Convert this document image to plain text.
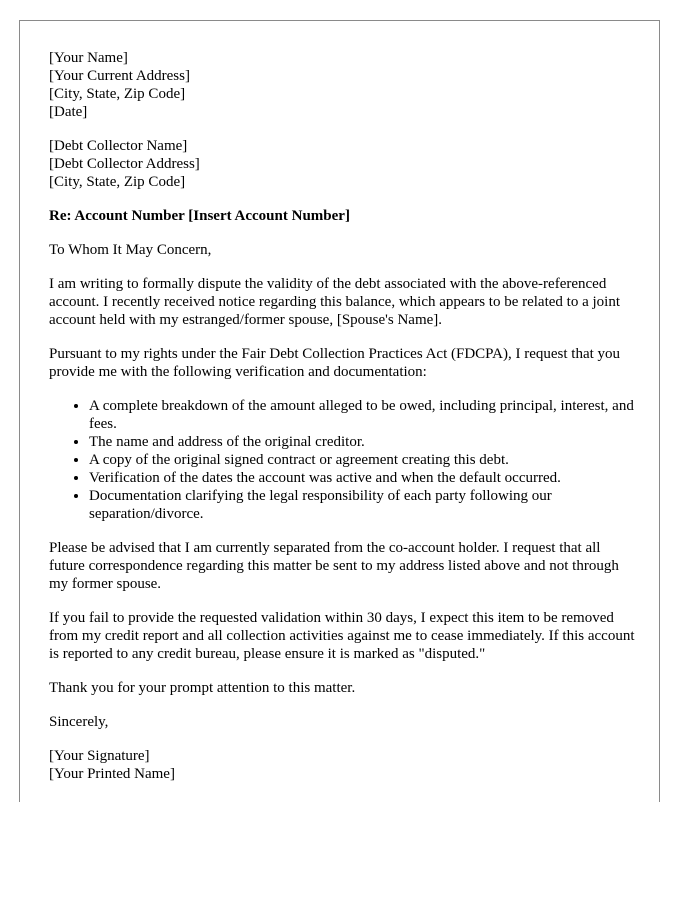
[Your Name]
[Your Current Address]
[City, State, Zip Code]
[Date]
[Debt Collector Name]
[Debt Collector Address]
[City, State, Zip Code]
Re: Account Number [Insert Account Number]

To Whom It May Concern,

I am writing to formally dispute the validity of the debt associated with the above-referenced account. I recently received notice regarding this balance, which appears to be related to a joint account held with my estranged/former spouse, [Spouse's Name].

Pursuant to my rights under the Fair Debt Collection Practices Act (FDCPA), I request that you provide me with the following verification and documentation:

• A complete breakdown of the amount alleged to be owed, including principal, interest, and fees.
• The name and address of the original creditor.
• A copy of the original signed contract or agreement creating this debt.
• Verification of the dates the account was active and when the default occurred.
• Documentation clarifying the legal responsibility of each party following our separation/divorce.

Please be advised that I am currently separated from the co-account holder. I request that all future correspondence regarding this matter be sent to my address listed above and not through my former spouse.

If you fail to provide the requested validation within 30 days, I expect this item to be removed from my credit report and all collection activities against me to cease immediately. If this account is reported to any credit bureau, please ensure it is marked as "disputed."

Thank you for your prompt attention to this matter.

Sincerely,

[Your Signature]
[Your Printed Name]
